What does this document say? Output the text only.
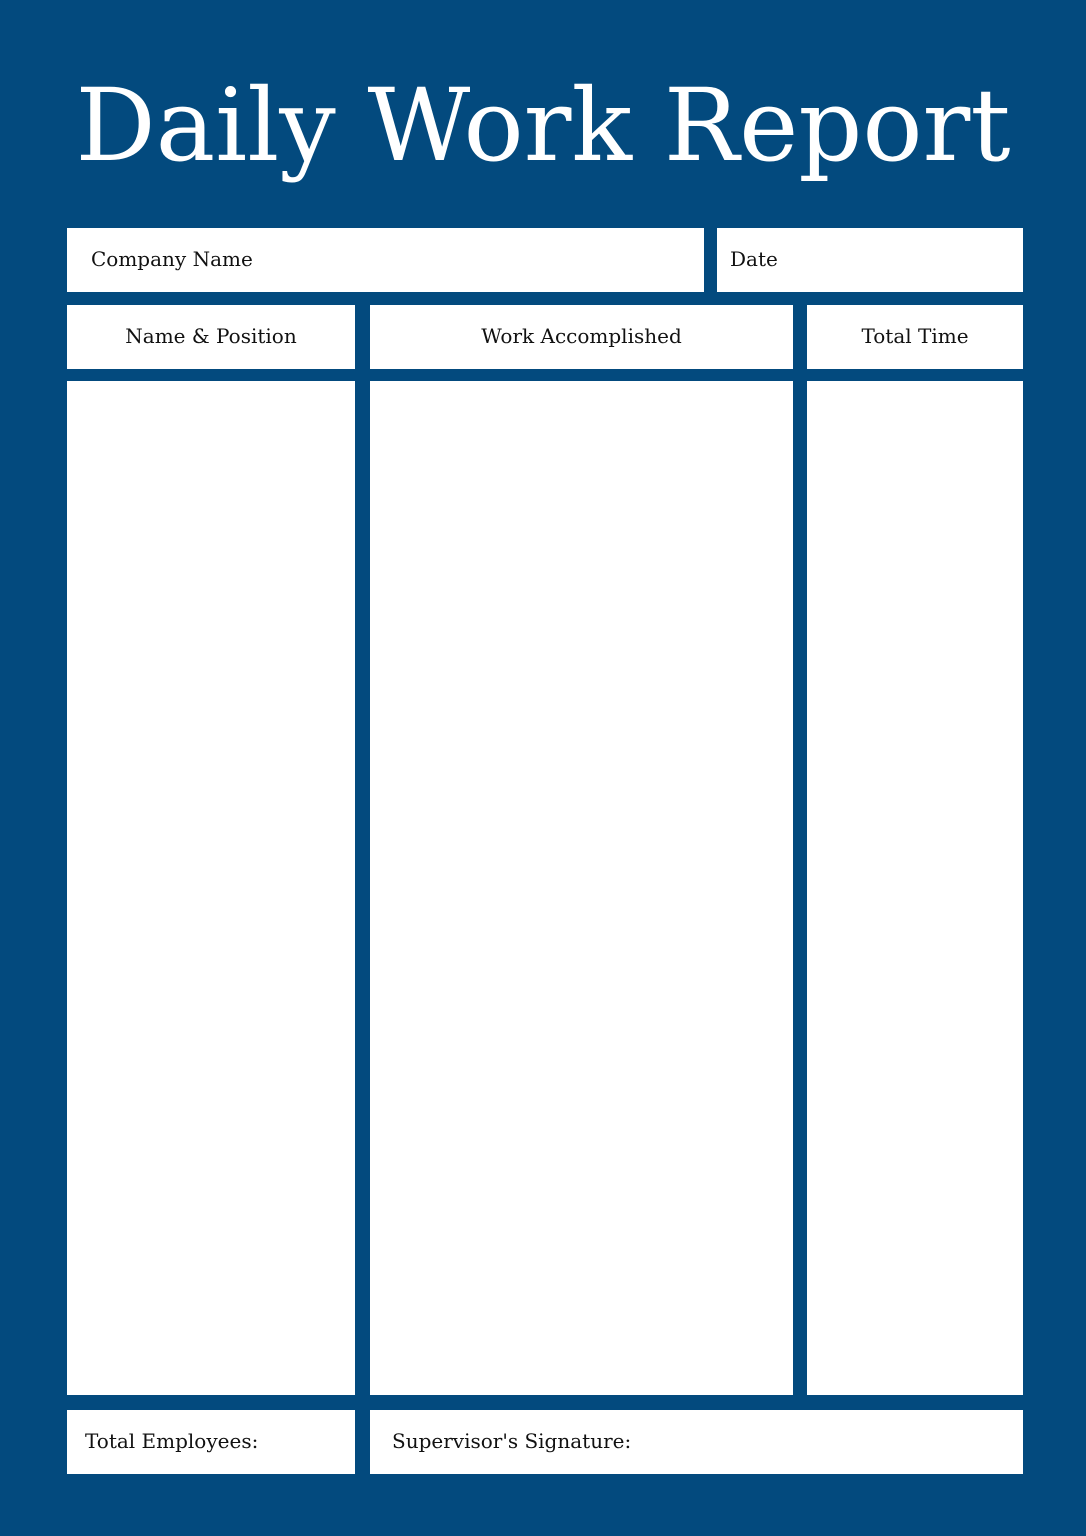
Daily Work Report
Company Name	Date
Name & Position	Work Accomplished	Total Time
Total Employees:	Supervisor's Signature:
